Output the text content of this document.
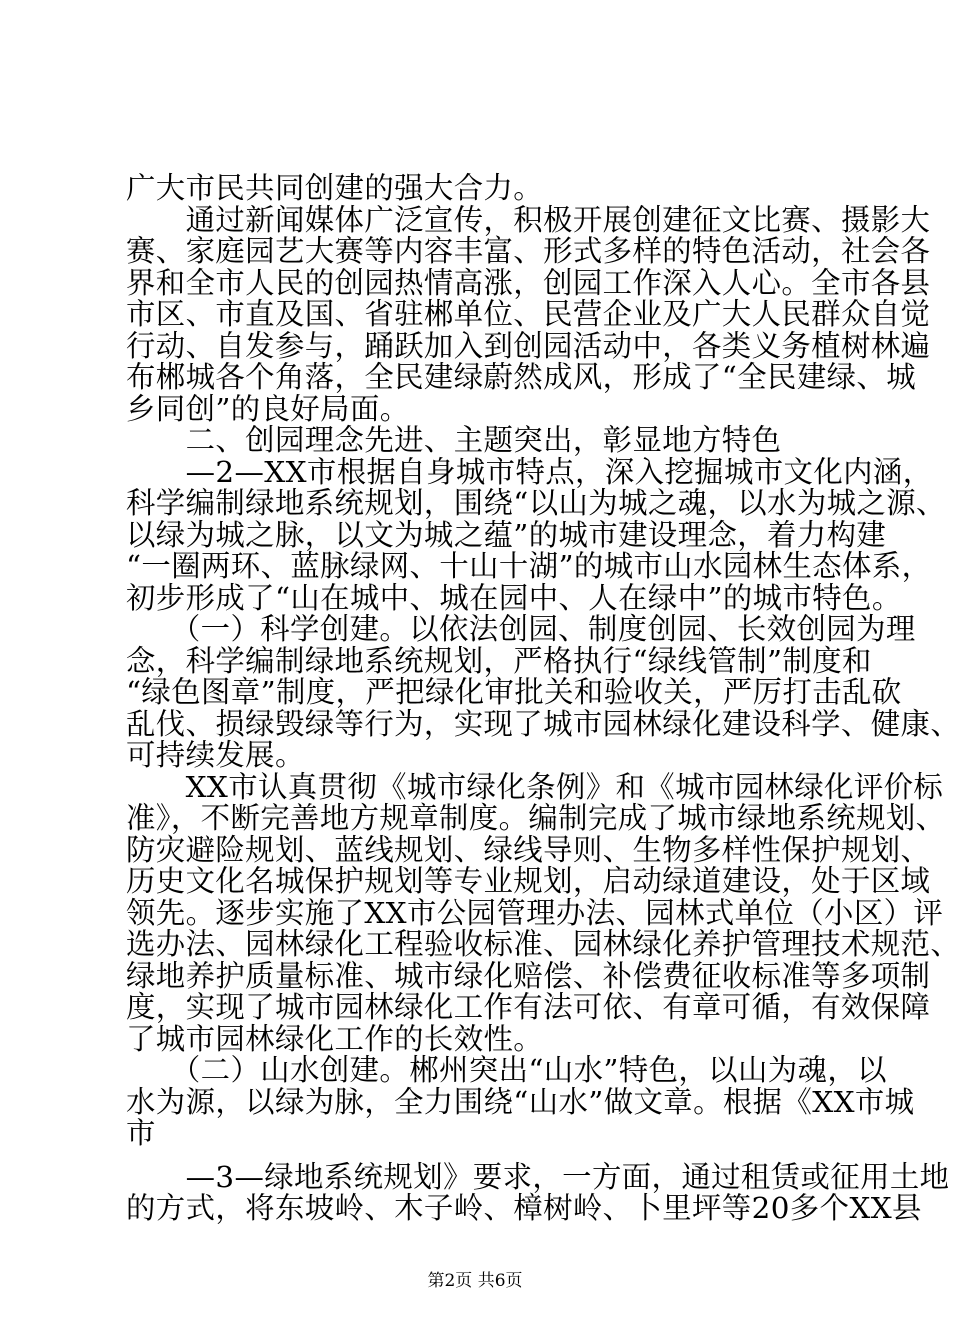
广大市民共同创建的强大合力。
　　通过新闻媒体广泛宣传，积极开展创建征文比赛、摄影大
赛、家庭园艺大赛等内容丰富、形式多样的特色活动，社会各
界和全市人民的创园热情高涨，创园工作深入人心。全市各县
市区、市直及国、省驻郴单位、民营企业及广大人民群众自觉
行动、自发参与，踊跃加入到创园活动中，各类义务植树林遍
布郴城各个角落，全民建绿蔚然成风，形成了“全民建绿、城
乡同创”的良好局面。
　　二、创园理念先进、主题突出，彰显地方特色
　　—2—XX市根据自身城市特点，深入挖掘城市文化内涵，
科学编制绿地系统规划，围绕“以山为城之魂，以水为城之源、
以绿为城之脉，以文为城之蕴”的城市建设理念，着力构建
“一圈两环、蓝脉绿网、十山十湖”的城市山水园林生态体系，
初步形成了“山在城中、城在园中、人在绿中”的城市特色。
　　（一）科学创建。以依法创园、制度创园、长效创园为理
念，科学编制绿地系统规划，严格执行“绿线管制”制度和
“绿色图章”制度，严把绿化审批关和验收关，严厉打击乱砍
乱伐、损绿毁绿等行为，实现了城市园林绿化建设科学、健康、
可持续发展。
　　XX市认真贯彻《城市绿化条例》和《城市园林绿化评价标
准》，不断完善地方规章制度。编制完成了城市绿地系统规划、
防灾避险规划、蓝线规划、绿线导则、生物多样性保护规划、
历史文化名城保护规划等专业规划，启动绿道建设，处于区域
领先。逐步实施了XX市公园管理办法、园林式单位（小区）评
选办法、园林绿化工程验收标准、园林绿化养护管理技术规范、
绿地养护质量标准、城市绿化赔偿、补偿费征收标准等多项制
度，实现了城市园林绿化工作有法可依、有章可循，有效保障
了城市园林绿化工作的长效性。
　　（二）山水创建。郴州突出“山水”特色，以山为魂，以
水为源，以绿为脉，全力围绕“山水”做文章。根据《XX市城
市
　　—3—绿地系统规划》要求，一方面，通过租赁或征用土地
的方式，将东坡岭、木子岭、樟树岭、卜里坪等20多个XX县
第2页 共6页
